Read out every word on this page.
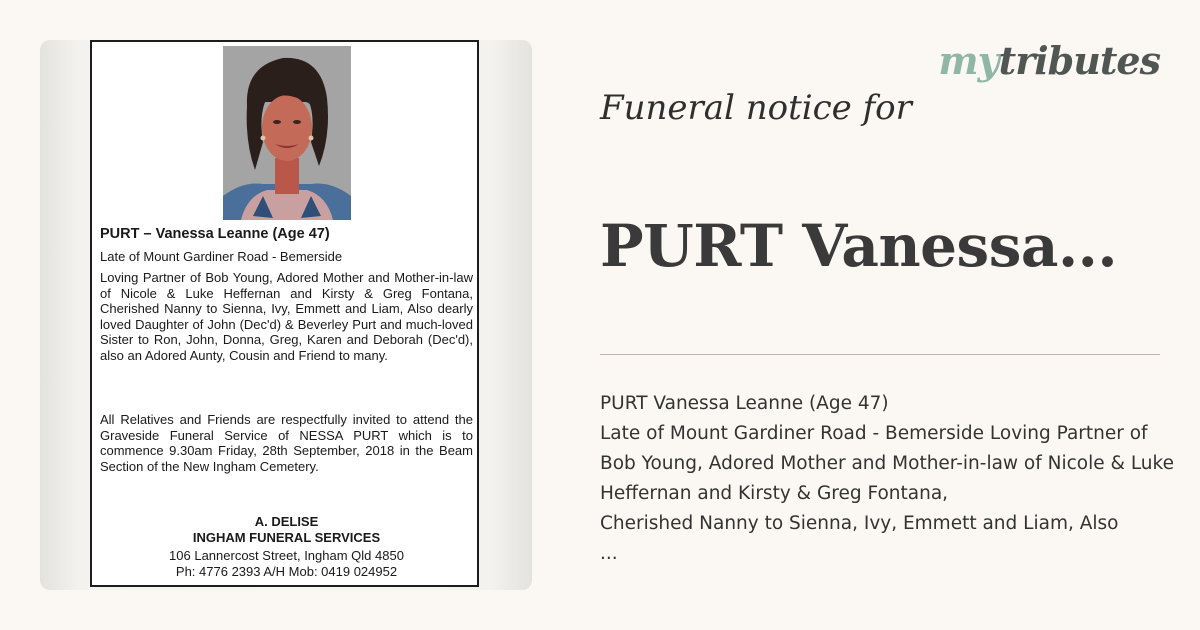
PURT – Vanessa Leanne (Age 47)
Late of Mount Gardiner Road - Bemerside
Loving Partner of Bob Young, Adored Mother and Mother-in-law of Nicole & Luke Heffernan and Kirsty & Greg Fontana, Cherished Nanny to Sienna, Ivy, Emmett and Liam, Also dearly loved Daughter of John (Dec'd) & Beverley Purt and much-loved Sister to Ron, John, Donna, Greg, Karen and Deborah (Dec'd), also an Adored Aunty, Cousin and Friend to many.
All Relatives and Friends are respectfully invited to attend the Graveside Funeral Service of NESSA PURT which is to commence 9.30am Friday, 28th September, 2018 in the Beam Section of the New Ingham Cemetery.
A. DELISE
INGHAM FUNERAL SERVICES
106 Lannercost Street, Ingham Qld 4850
Ph: 4776 2393 A/H Mob: 0419 024952
mytributes
Funeral notice for
PURT Vanessa...
PURT Vanessa Leanne (Age 47)
Late of Mount Gardiner Road - Bemerside Loving Partner of Bob Young, Adored Mother and Mother-in-law of Nicole & Luke Heffernan and Kirsty & Greg Fontana,
Cherished Nanny to Sienna, Ivy, Emmett and Liam, Also
...
